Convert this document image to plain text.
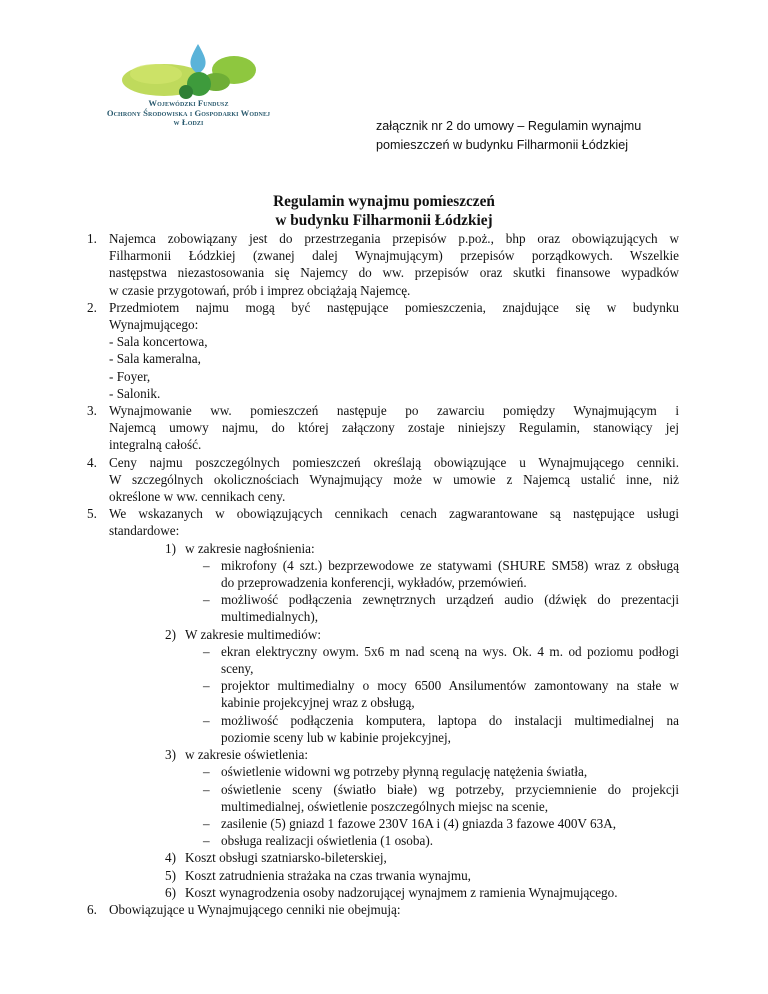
Wojewódzki Fundusz
Ochrony Środowiska i Gospodarki Wodnej
w Łodzi	załącznik nr 2 do umowy – Regulamin wynajmu
pomieszczeń w budynku Filharmonii Łódzkiej
Regulamin wynajmu pomieszczeń
w budynku Filharmonii Łódzkiej
1. Najemca zobowiązany jest do przestrzegania przepisów p.poż., bhp oraz obowiązujących w
Filharmonii Łódzkiej (zwanej dalej Wynajmującym) przepisów porządkowych. Wszelkie
następstwa niezastosowania się Najemcy do ww. przepisów oraz skutki finansowe wypadków
w czasie przygotowań, prób i imprez obciążają Najemcę.
2. Przedmiotem najmu mogą być następujące pomieszczenia, znajdujące się w budynku
Wynajmującego:
- Sala koncertowa,
- Sala kameralna,
- Foyer,
- Salonik.
3. Wynajmowanie ww. pomieszczeń następuje po zawarciu pomiędzy Wynajmującym i
Najemcą umowy najmu, do której załączony zostaje niniejszy Regulamin, stanowiący jej
integralną całość.
4. Ceny najmu poszczególnych pomieszczeń określają obowiązujące u Wynajmującego cenniki.
W szczególnych okolicznościach Wynajmujący może w umowie z Najemcą ustalić inne, niż
określone w ww. cennikach ceny.
5. We wskazanych w obowiązujących cennikach cenach zagwarantowane są następujące usługi
standardowe:
1) w zakresie nagłośnienia:
– mikrofony (4 szt.) bezprzewodowe ze statywami (SHURE SM58) wraz z obsługą
do przeprowadzenia konferencji, wykładów, przemówień.
– możliwość podłączenia zewnętrznych urządzeń audio (dźwięk do prezentacji
multimedialnych),
2) W zakresie multimediów:
– ekran elektryczny owym. 5x6 m nad sceną na wys. Ok. 4 m. od poziomu podłogi
sceny,
– projektor multimedialny o mocy 6500 Ansilumentów zamontowany na stałe w
kabinie projekcyjnej wraz z obsługą,
– możliwość podłączenia komputera, laptopa do instalacji multimedialnej na
poziomie sceny lub w kabinie projekcyjnej,
3) w zakresie oświetlenia:
– oświetlenie widowni wg potrzeby płynną regulację natężenia światła,
– oświetlenie sceny (światło białe) wg potrzeby, przyciemnienie do projekcji
multimedialnej, oświetlenie poszczególnych miejsc na scenie,
– zasilenie (5) gniazd 1 fazowe 230V 16A i (4) gniazda 3 fazowe 400V 63A,
– obsługa realizacji oświetlenia (1 osoba).
4) Koszt obsługi szatniarsko-bileterskiej,
5) Koszt zatrudnienia strażaka na czas trwania wynajmu,
6) Koszt wynagrodzenia osoby nadzorującej wynajmem z ramienia Wynajmującego.
6. Obowiązujące u Wynajmującego cenniki nie obejmują:
